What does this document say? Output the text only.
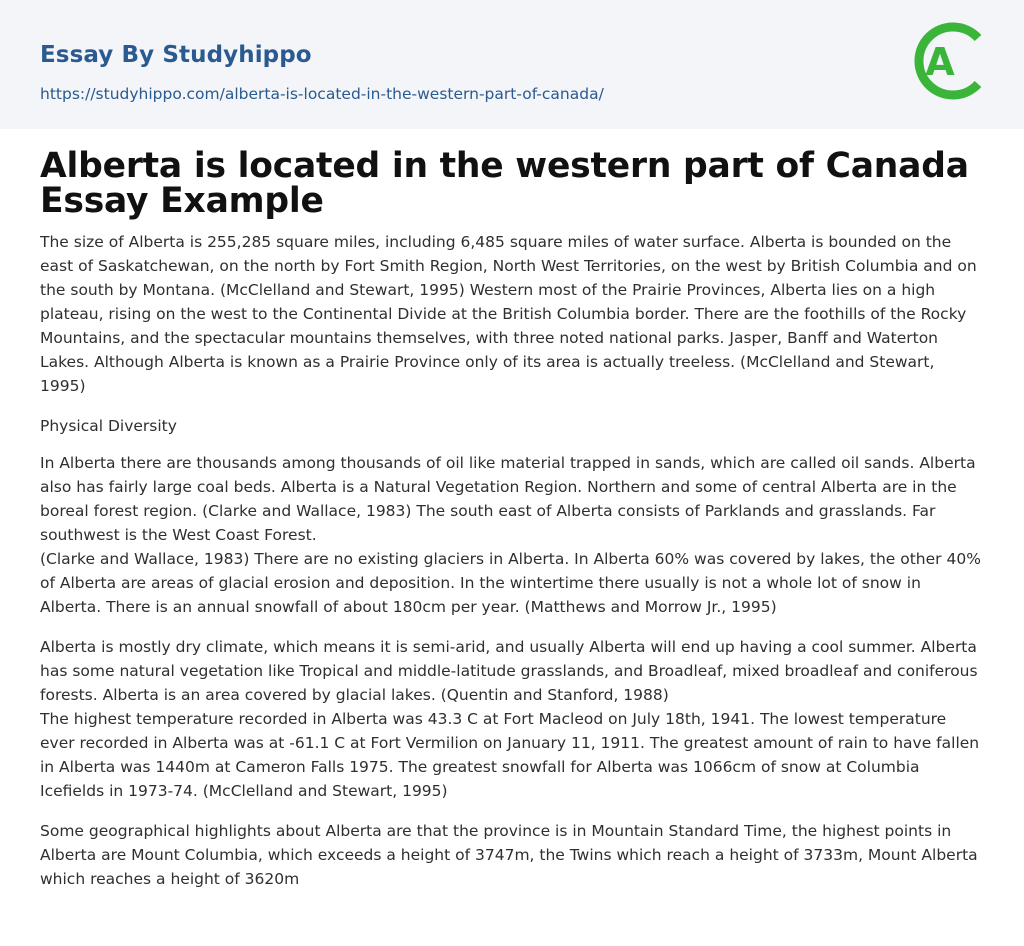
Essay By Studyhippo
https://studyhippo.com/alberta-is-located-in-the-western-part-of-canada/
A
Alberta is located in the western part of Canada Essay Example

The size of Alberta is 255,285 square miles, including 6,485 square miles of water surface. Alberta is bounded on the east of Saskatchewan, on the north by Fort Smith Region, North West Territories, on the west by British Columbia and on the south by Montana. (McClelland and Stewart, 1995) Western most of the Prairie Provinces, Alberta lies on a high plateau, rising on the west to the Continental Divide at the British Columbia border. There are the foothills of the Rocky Mountains, and the spectacular mountains themselves, with three noted national parks. Jasper, Banff and Waterton Lakes. Although Alberta is known as a Prairie Province only of its area is actually treeless. (McClelland and Stewart, 1995)

Physical Diversity

In Alberta there are thousands among thousands of oil like material trapped in sands, which are called oil sands. Alberta also has fairly large coal beds. Alberta is a Natural Vegetation Region. Northern and some of central Alberta are in the boreal forest region. (Clarke and Wallace, 1983) The south east of Alberta consists of Parklands and grasslands. Far southwest is the West Coast Forest.

(Clarke and Wallace, 1983) There are no existing glaciers in Alberta. In Alberta 60% was covered by lakes, the other 40% of Alberta are areas of glacial erosion and deposition. In the wintertime there usually is not a whole lot of snow in Alberta. There is an annual snowfall of about 180cm per year. (Matthews and Morrow Jr., 1995)

Alberta is mostly dry climate, which means it is semi-arid, and usually Alberta will end up having a cool summer. Alberta has some natural vegetation like Tropical and middle-latitude grasslands, and Broadleaf, mixed broadleaf and coniferous forests. Alberta is an area covered by glacial lakes. (Quentin and Stanford, 1988)

The highest temperature recorded in Alberta was 43.3 C at Fort Macleod on July 18th, 1941. The lowest temperature ever recorded in Alberta was at -61.1 C at Fort Vermilion on January 11, 1911. The greatest amount of rain to have fallen in Alberta was 1440m at Cameron Falls 1975. The greatest snowfall for Alberta was 1066cm of snow at Columbia Icefields in 1973-74. (McClelland and Stewart, 1995)

Some geographical highlights about Alberta are that the province is in Mountain Standard Time, the highest points in Alberta are Mount Columbia, which exceeds a height of 3747m, the Twins which reach a height of 3733m, Mount Alberta which reaches a height of 3620m
